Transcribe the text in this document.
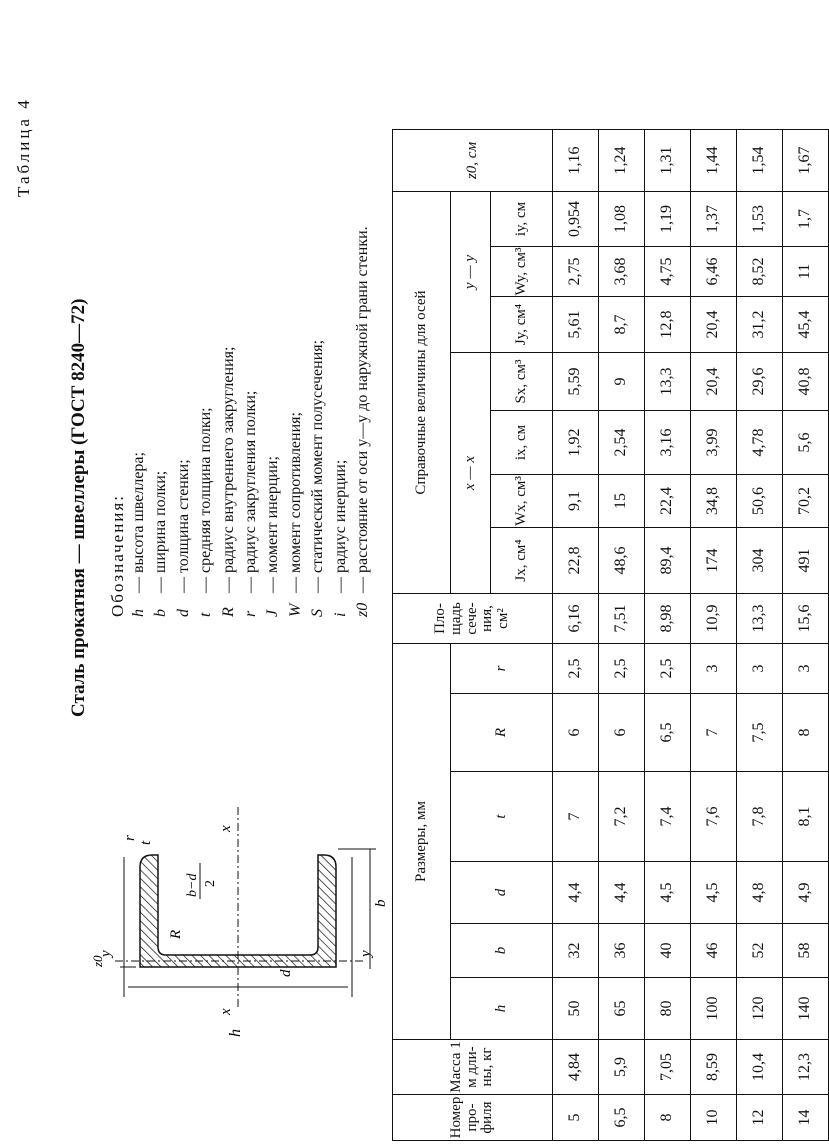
Таблица 4
Сталь прокатная — швеллеры (ГОСТ 8240—72) Обозначения: h
—
высота швеллера;
b
—
ширина полки;
d
—
толщина стенки;
t
—
средняя толщина полки;
R
—
радиус внутреннего закругления;
r
—
радиус закругления полки;
J
—
момент инерции;
W
—
момент сопротивления;
S
—
статический момент полусечения;
i
—
радиус инерции;
z0
—
расстояние от оси y—y до наружной грани стенки.
h
x
x
y	y
b
d
R
t
r
z0
b−d 2
Номер про-филя	Масса 1 м дли-ны, кг	Размеры, мм						Пло-щадь сече-ния, см²	Справочные величины для осей							z0, см
		h	b	d	t	R	r		x — x				y — y			
									Jx, см⁴	Wx, см³	ix, см	Sx, см³	Jy, см⁴	Wy, см³	iy, см	
5	4,84	50	32	4,4	7	6	2,5	6,16	22,8	9,1	1,92	5,59	5,61	2,75	0,954	1,16
6,5	5,9	65	36	4,4	7,2	6	2,5	7,51	48,6	15	2,54	9	8,7	3,68	1,08	1,24
8	7,05	80	40	4,5	7,4	6,5	2,5	8,98	89,4	22,4	3,16	13,3	12,8	4,75	1,19	1,31
10	8,59	100	46	4,5	7,6	7	3	10,9	174	34,8	3,99	20,4	20,4	6,46	1,37	1,44
12	10,4	120	52	4,8	7,8	7,5	3	13,3	304	50,6	4,78	29,6	31,2	8,52	1,53	1,54
14	12,3	140	58	4,9	8,1	8	3	15,6	491	70,2	5,6	40,8	45,4	11	1,7	1,67
